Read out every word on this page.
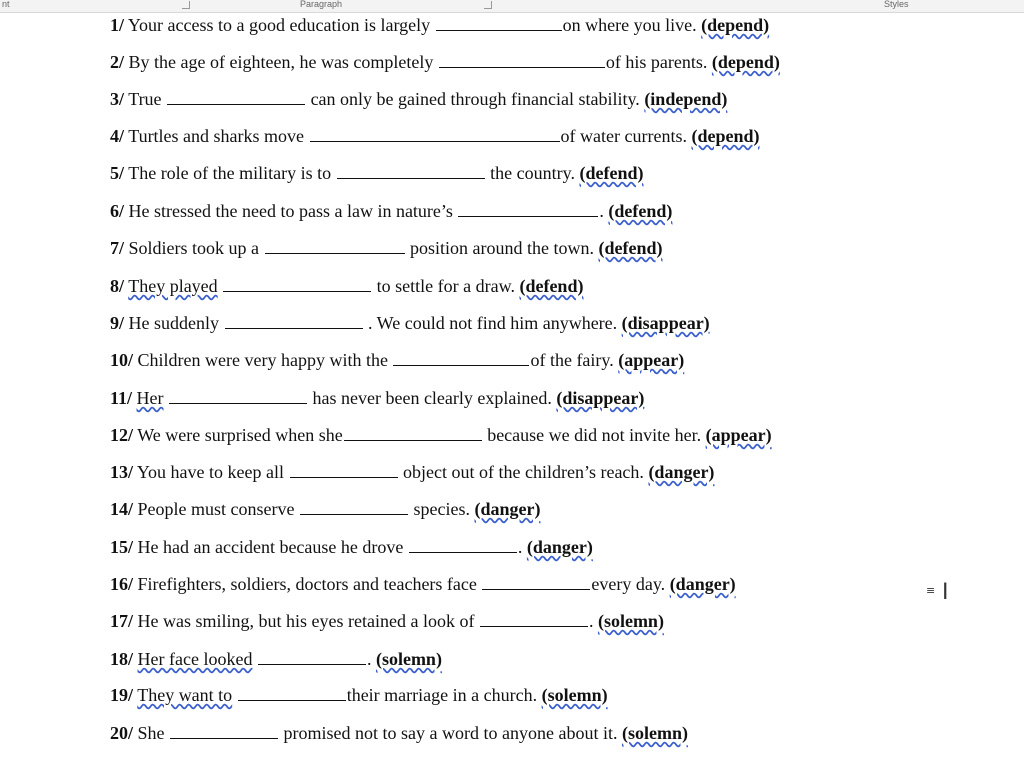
nt	Paragraph	Styles
1/ Your access to a good education is largely	on where you live. (depend)
2/ By the age of eighteen, he was completely	of his parents. (depend)
3/ True	can only be gained through financial stability. (independ)
4/ Turtles and sharks move	of water currents. (depend)
5/ The role of the military is to	the country. (defend)
6/ He stressed the need to pass a law in nature’s	. (defend)
7/ Soldiers took up a	position around the town. (defend)
8/ They played	to settle for a draw. (defend)
9/ He suddenly	. We could not find him anywhere. (disappear)
10/ Children were very happy with the	of the fairy. (appear)
11/ Her	has never been clearly explained. (disappear)
12/ We were surprised when she	because we did not invite her. (appear)
13/ You have to keep all	object out of the children’s reach. (danger)
14/ People must conserve	species. (danger)
15/ He had an accident because he drove	. (danger)
16/ Firefighters, soldiers, doctors and teachers face	every day. (danger)
17/ He was smiling, but his eyes retained a look of	. (solemn)
18/ Her face looked	. (solemn)
19/ They want to	their marriage in a church. (solemn)
20/ She	promised not to say a word to anyone about it. (solemn)
≡ I
